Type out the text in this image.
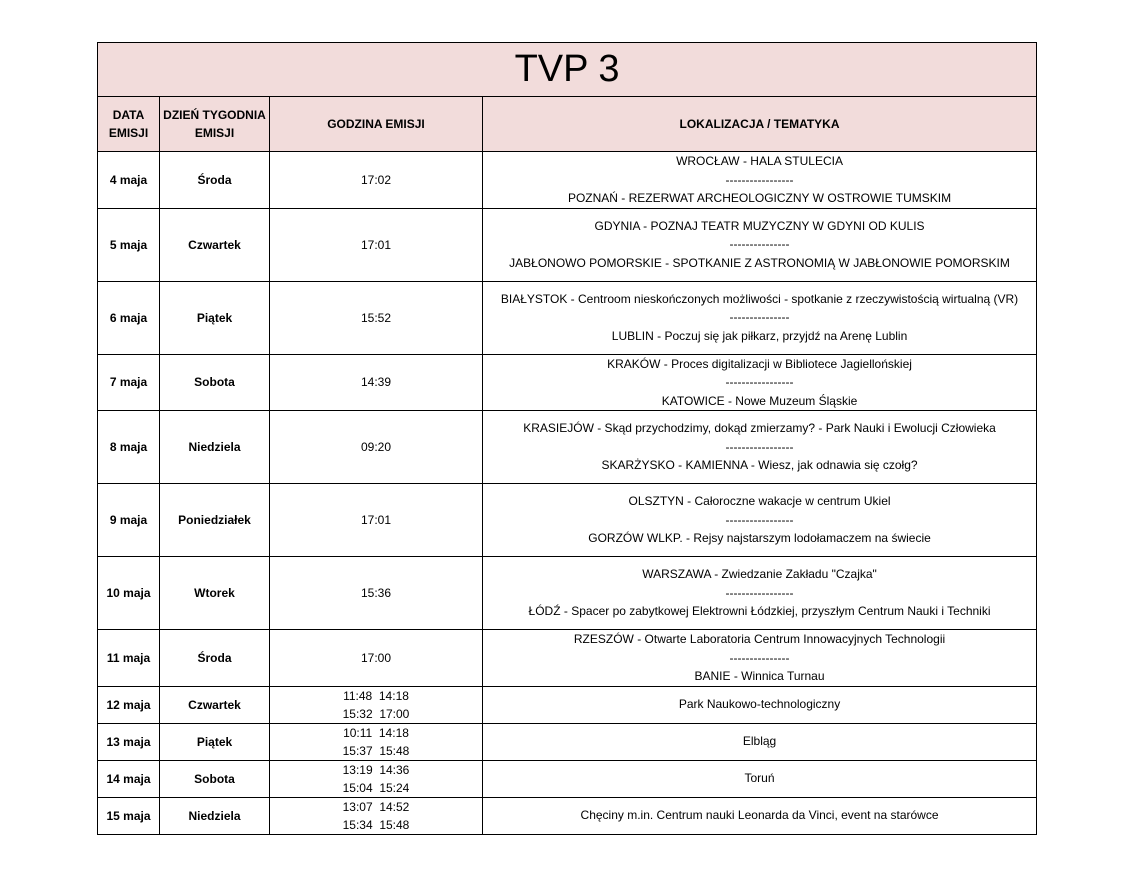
TVP 3			
DATA EMISJI	DZIEŃ TYGODNIA EMISJI	GODZINA EMISJI	LOKALIZACJA / TEMATYKA
4 maja	Środa	17:02	WROCŁAW - HALA STULECIA
-----------------
POZNAŃ - REZERWAT ARCHEOLOGICZNY W OSTROWIE TUMSKIM

5 maja	Czwartek	17:01	GDYNIA - POZNAJ TEATR MUZYCZNY W GDYNI OD KULIS
---------------
JABŁONOWO POMORSKIE - SPOTKANIE Z ASTRONOMIĄ W JABŁONOWIE POMORSKIM

6 maja	Piątek	15:52	BIAŁYSTOK - Centroom nieskończonych możliwości - spotkanie z rzeczywistością wirtualną (VR)
---------------
LUBLIN - Poczuj się jak piłkarz, przyjdź na Arenę Lublin

7 maja	Sobota	14:39	KRAKÓW - Proces digitalizacji w Bibliotece Jagiellońskiej
-----------------
KATOWICE - Nowe Muzeum Śląskie

8 maja	Niedziela	09:20	KRASIEJÓW - Skąd przychodzimy, dokąd zmierzamy? - Park Nauki i Ewolucji Człowieka
-----------------
SKARŻYSKO - KAMIENNA - Wiesz, jak odnawia się czołg?

9 maja	Poniedziałek	17:01	OLSZTYN - Całoroczne wakacje w centrum Ukiel
-----------------
GORZÓW WLKP. - Rejsy najstarszym lodołamaczem na świecie

10 maja	Wtorek	15:36	WARSZAWA - Zwiedzanie Zakładu "Czajka"
-----------------
ŁÓDŹ - Spacer po zabytkowej Elektrowni Łódzkiej, przyszłym Centrum Nauki i Techniki

11 maja	Środa	17:00	RZESZÓW - Otwarte Laboratoria Centrum Innowacyjnych Technologii
---------------
BANIE - Winnica Turnau

12 maja	Czwartek	11:48  14:18
15:32  17:00	Park Naukowo-technologiczny

13 maja	Piątek	10:11  14:18
15:37  15:48	Elbląg

14 maja	Sobota	13:19  14:36
15:04  15:24	Toruń

15 maja	Niedziela	13:07  14:52
15:34  15:48	Chęciny m.in. Centrum nauki Leonarda da Vinci, event na starówce
